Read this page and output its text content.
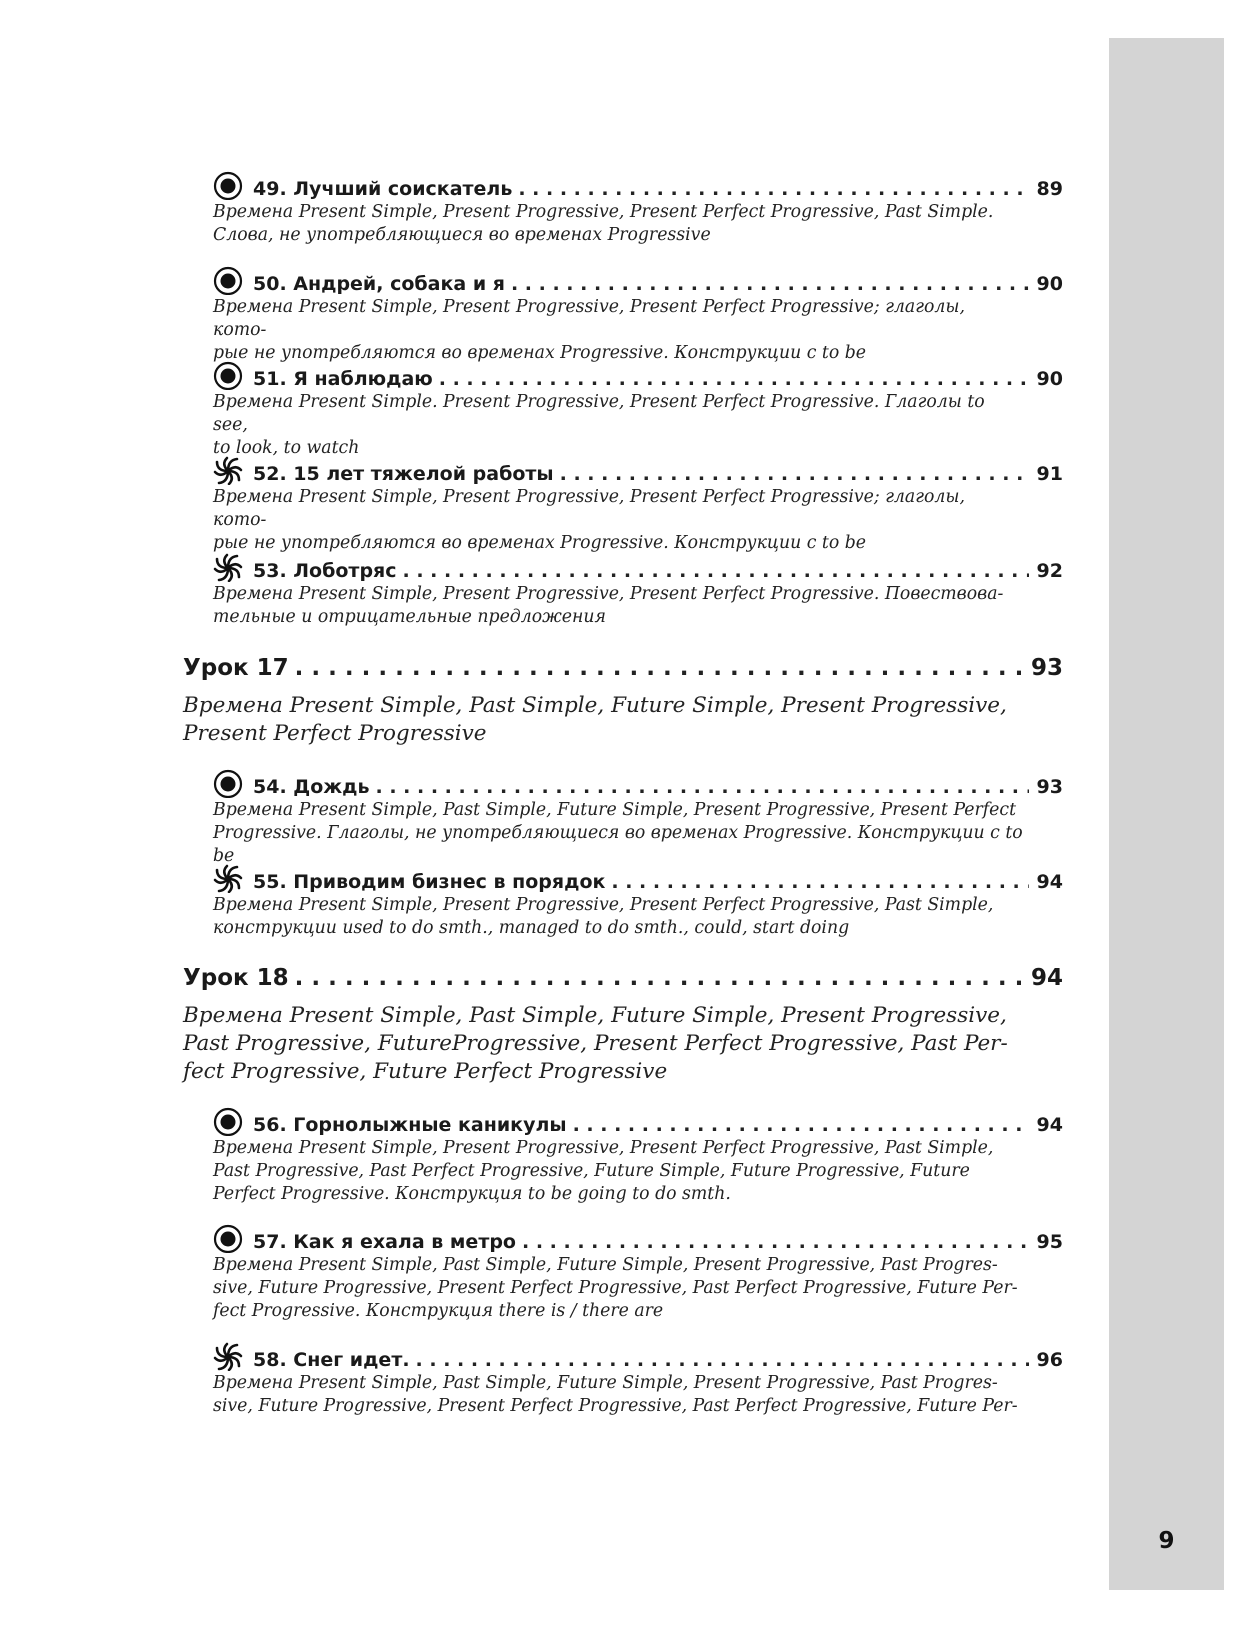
9
49. Лучший соискатель . . .	89
Времена Present Simple, Present Progressive, Present Perfect Progressive, Past Simple.
Слова, не употребляющиеся во временах Progressive
50. Андрей, собака и я . . .	90
Времена Present Simple, Present Progressive, Present Perfect Progressive; глаголы, кото-
рые не употребляются во временах Progressive. Конструкции с to be
51. Я наблюдаю . . .	90
Времена Present Simple. Present Progressive, Present Perfect Progressive. Глаголы to see,
to look, to watch
52. 15 лет тяжелой работы . . .	91
Времена Present Simple, Present Progressive, Present Perfect Progressive; глаголы, кото-
рые не употребляются во временах Progressive. Конструкции с to be
53. Лоботряс . . .	92
Времена Present Simple, Present Progressive, Present Perfect Progressive. Повествова-
тельные и отрицательные предложения
Урок 17 . . .	93
Времена Present Simple, Past Simple, Future Simple, Present Progressive,
Present Perfect Progressive
54. Дождь . . .	93
Времена Present Simple, Past Simple, Future Simple, Present Progressive, Present Perfect
Progressive. Глаголы, не употребляющиеся во временах Progressive. Конструкции с to be
55. Приводим бизнес в порядок . . .	94
Времена Present Simple, Present Progressive, Present Perfect Progressive, Past Simple,
конструкции used to do smth., managed to do smth., could, start doing
Урок 18 . . .	94
Времена Present Simple, Past Simple, Future Simple, Present Progressive,
Past Progressive, FutureProgressive, Present Perfect Progressive, Past Per-
fect Progressive, Future Perfect Progressive
56. Горнолыжные каникулы . . .	94
Времена Present Simple, Present Progressive, Present Perfect Progressive, Past Simple,
Past Progressive, Past Perfect Progressive, Future Simple, Future Progressive, Future
Perfect Progressive. Конструкция to be going to do smth.
57. Как я ехала в метро . . .	95
Времена Present Simple, Past Simple, Future Simple, Present Progressive, Past Progres-
sive, Future Progressive, Present Perfect Progressive, Past Perfect Progressive, Future Per-
fect Progressive. Конструкция there is / there are
58. Снег идет. . . .	96
Времена Present Simple, Past Simple, Future Simple, Present Progressive, Past Progres-
sive, Future Progressive, Present Perfect Progressive, Past Perfect Progressive, Future Per-
